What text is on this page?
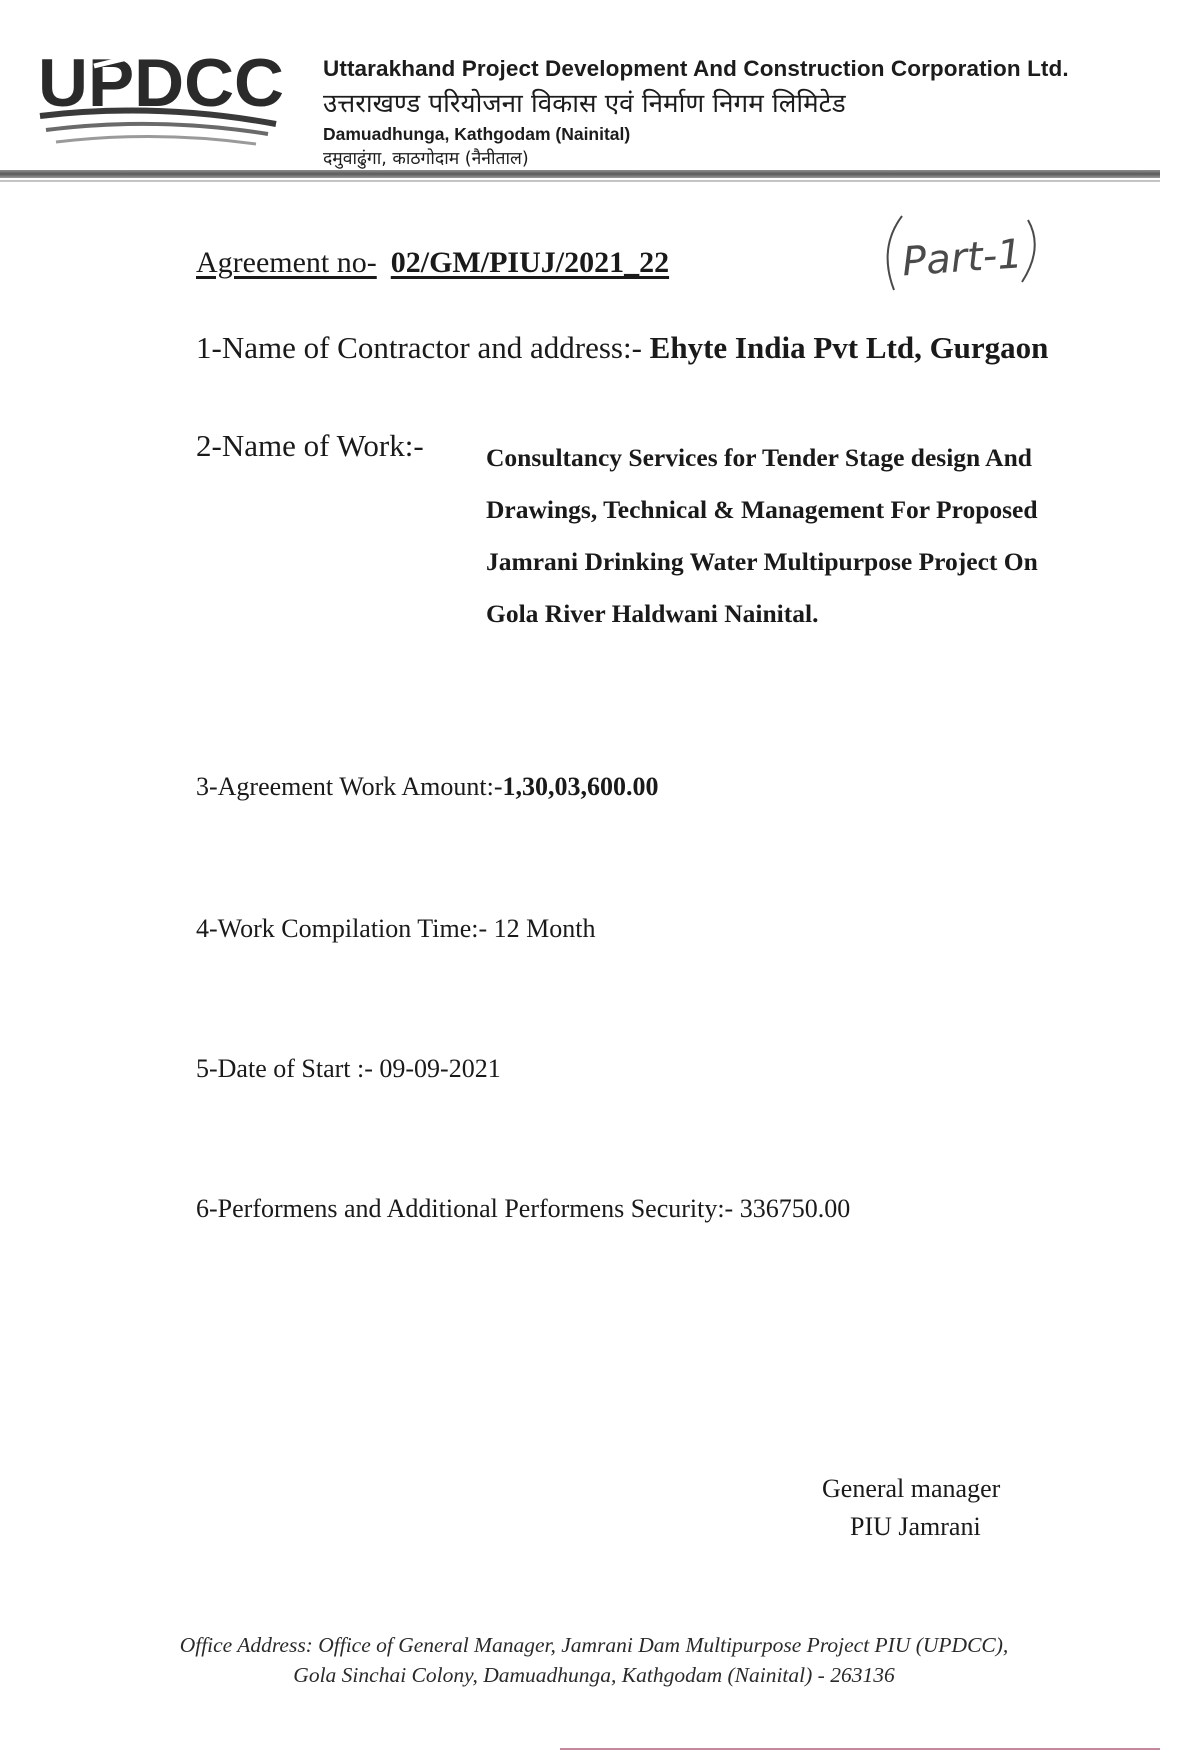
UPDCC Uttarakhand Project Development And Construction Corporation Ltd.
उत्तराखण्ड परियोजना विकास एवं निर्माण निगम लिमिटेड
Damuadhunga, Kathgodam (Nainital)
दमुवाढुंगा, काठगोदाम (नैनीताल)
Agreement no- 02/GM/PIUJ/2021_22	Part-1
1-Name of Contractor and address:- Ehyte India Pvt Ltd, Gurgaon
2-Name of Work:- Consultancy Services for Tender Stage design And
Drawings, Technical & Management For Proposed
Jamrani Drinking Water Multipurpose Project On
Gola River Haldwani Nainital.
3-Agreement Work Amount:-1,30,03,600.00
4-Work Compilation Time:- 12 Month
5-Date of Start :- 09-09-2021
6-Performens and Additional Performens Security:- 336750.00
General manager
PIU Jamrani
Office Address: Office of General Manager, Jamrani Dam Multipurpose Project PIU (UPDCC),
Gola Sinchai Colony, Damuadhunga, Kathgodam (Nainital) - 263136
